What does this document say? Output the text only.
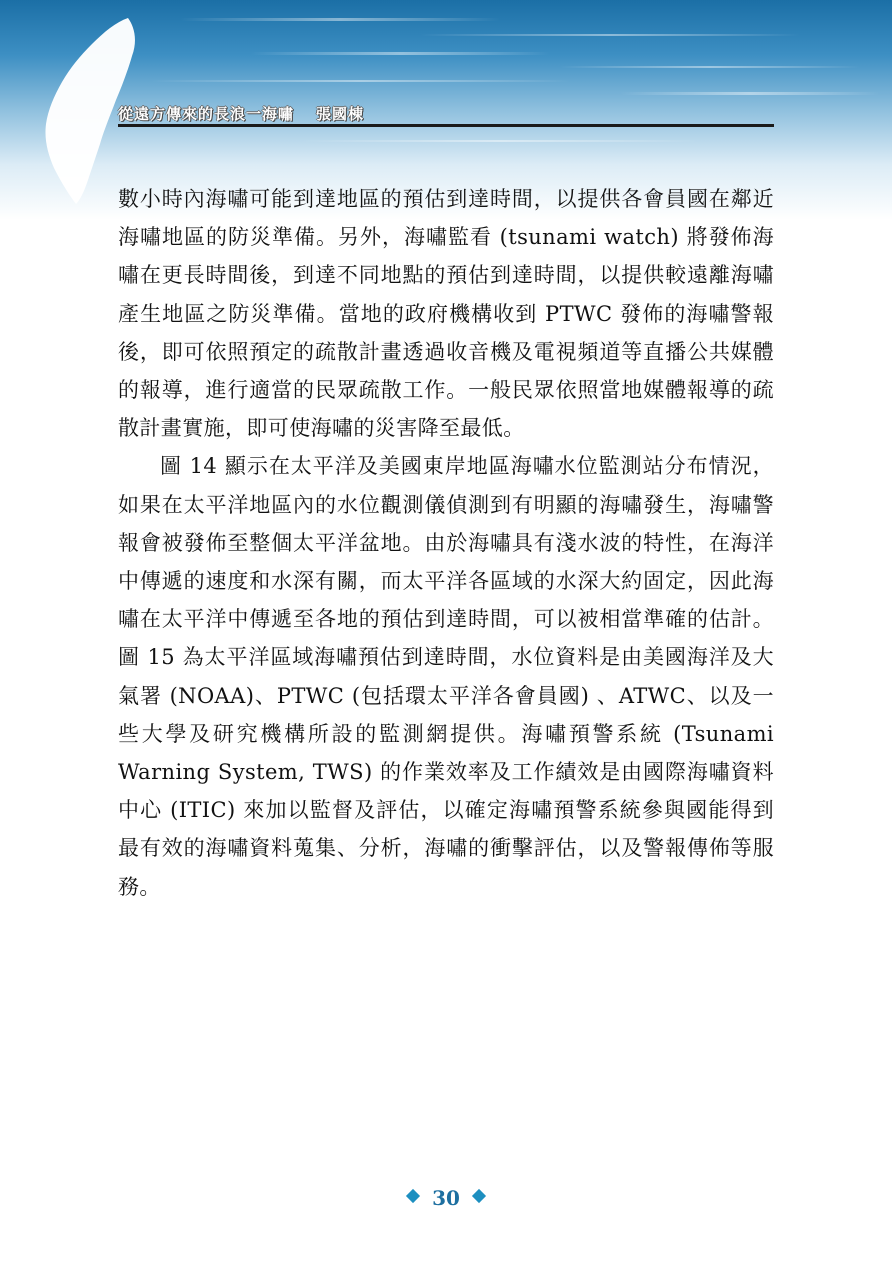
從遠方傳來的長浪一海嘯 張國棟

數小時內海嘯可能到達地區的預估到達時間，以提供各會員國在鄰近海嘯地區的防災準備。另外，海嘯監看 (tsunami watch) 將發佈海嘯在更長時間後，到達不同地點的預估到達時間，以提供較遠離海嘯產生地區之防災準備。當地的政府機構收到 PTWC 發佈的海嘯警報後，即可依照預定的疏散計畫透過收音機及電視頻道等直播公共媒體的報導，進行適當的民眾疏散工作。一般民眾依照當地媒體報導的疏散計畫實施，即可使海嘯的災害降至最低。

圖 14 顯示在太平洋及美國東岸地區海嘯水位監測站分布情況，如果在太平洋地區內的水位觀測儀偵測到有明顯的海嘯發生，海嘯警報會被發佈至整個太平洋盆地。由於海嘯具有淺水波的特性，在海洋中傳遞的速度和水深有關，而太平洋各區域的水深大約固定，因此海嘯在太平洋中傳遞至各地的預估到達時間，可以被相當準確的估計。圖 15 為太平洋區域海嘯預估到達時間，水位資料是由美國海洋及大氣署 (NOAA)、PTWC (包括環太平洋各會員國) 、ATWC、以及一些大學及研究機構所設的監測網提供。海嘯預警系統 (Tsunami Warning System, TWS) 的作業效率及工作績效是由國際海嘯資料中心 (ITIC) 來加以監督及評估，以確定海嘯預警系統參與國能得到最有效的海嘯資料蒐集、分析，海嘯的衝擊評估，以及警報傳佈等服務。

30
